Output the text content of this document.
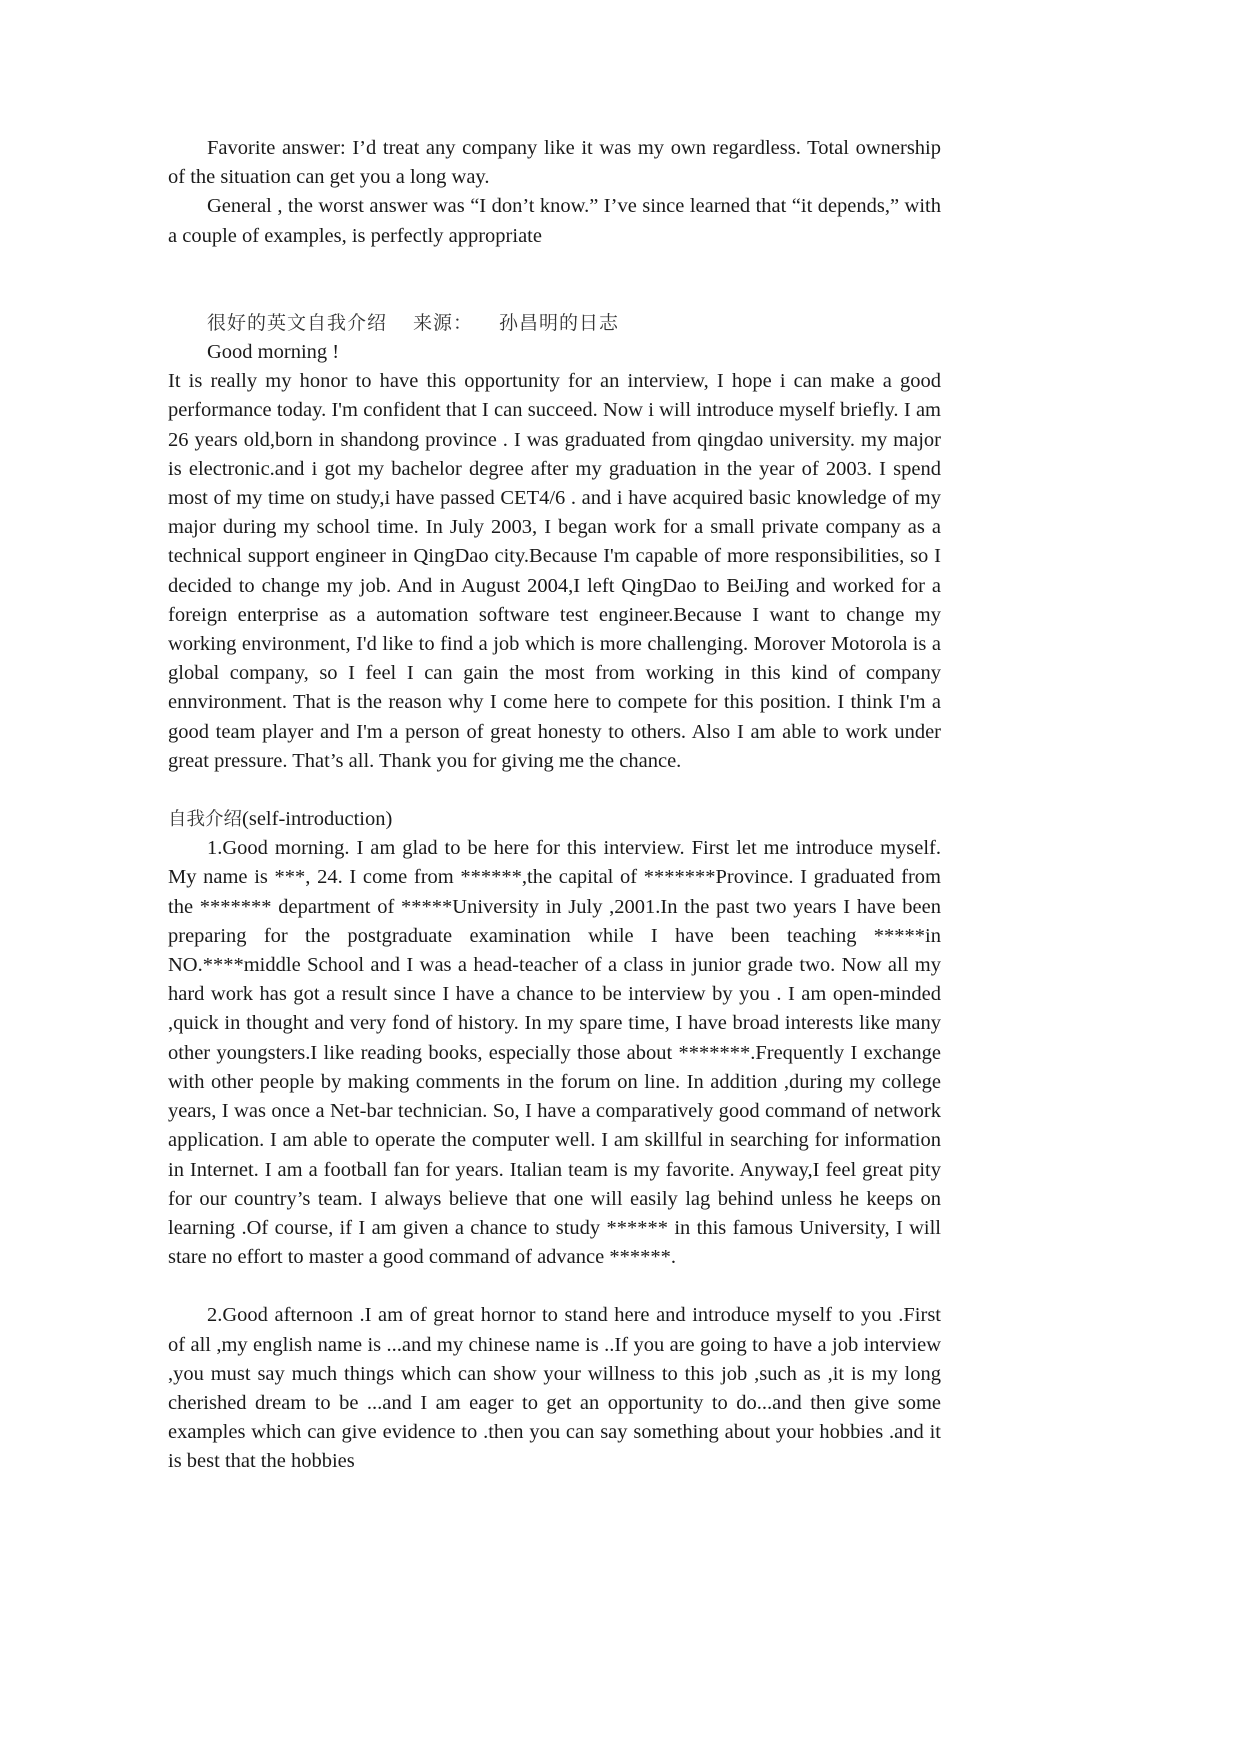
Favorite answer: I’d treat any company like it was my own regardless. Total ownership of the situation can get you a long way.

General , the worst answer was “I don’t know.” I’ve since learned that “it depends,” with a couple of examples, is perfectly appropriate

很好的英文自我介绍 来源： 孙昌明的日志

Good morning !

It is really my honor to have this opportunity for an interview, I hope i can make a good performance today. I'm confident that I can succeed. Now i will introduce myself briefly. I am 26 years old,born in shandong province . I was graduated from qingdao university. my major is electronic.and i got my bachelor degree after my graduation in the year of 2003. I spend most of my time on study,i have passed CET4/6 . and i have acquired basic knowledge of my major during my school time. In July 2003, I began work for a small private company as a technical support engineer in QingDao city.Because I'm capable of more responsibilities, so I decided to change my job. And in August 2004,I left QingDao to BeiJing and worked for a foreign enterprise as a automation software test engineer.Because I want to change my working environment, I'd like to find a job which is more challenging. Morover Motorola is a global company, so I feel I can gain the most from working in this kind of company ennvironment. That is the reason why I come here to compete for this position. I think I'm a good team player and I'm a person of great honesty to others. Also I am able to work under great pressure. That’s all. Thank you for giving me the chance.

自我介绍(self-introduction)

1.Good morning. I am glad to be here for this interview. First let me introduce myself. My name is ***, 24. I come from ******,the capital of *******Province. I graduated from the ******* department of *****University in July ,2001.In the past two years I have been preparing for the postgraduate examination while I have been teaching *****in NO.****middle School and I was a head-teacher of a class in junior grade two. Now all my hard work has got a result since I have a chance to be interview by you . I am open-minded ,quick in thought and very fond of history. In my spare time, I have broad interests like many other youngsters.I like reading books, especially those about *******.Frequently I exchange with other people by making comments in the forum on line. In addition ,during my college years, I was once a Net-bar technician. So, I have a comparatively good command of network application. I am able to operate the computer well. I am skillful in searching for information in Internet. I am a football fan for years. Italian team is my favorite. Anyway,I feel great pity for our country’s team. I always believe that one will easily lag behind unless he keeps on learning .Of course, if I am given a chance to study ****** in this famous University, I will stare no effort to master a good command of advance ******.

2.Good afternoon .I am of great hornor to stand here and introduce myself to you .First of all ,my english name is ...and my chinese name is ..If you are going to have a job interview ,you must say much things which can show your willness to this job ,such as ,it is my long cherished dream to be ...and I am eager to get an opportunity to do...and then give some examples which can give evidence to .then you can say something about your hobbies .and it is best that the hobbies
